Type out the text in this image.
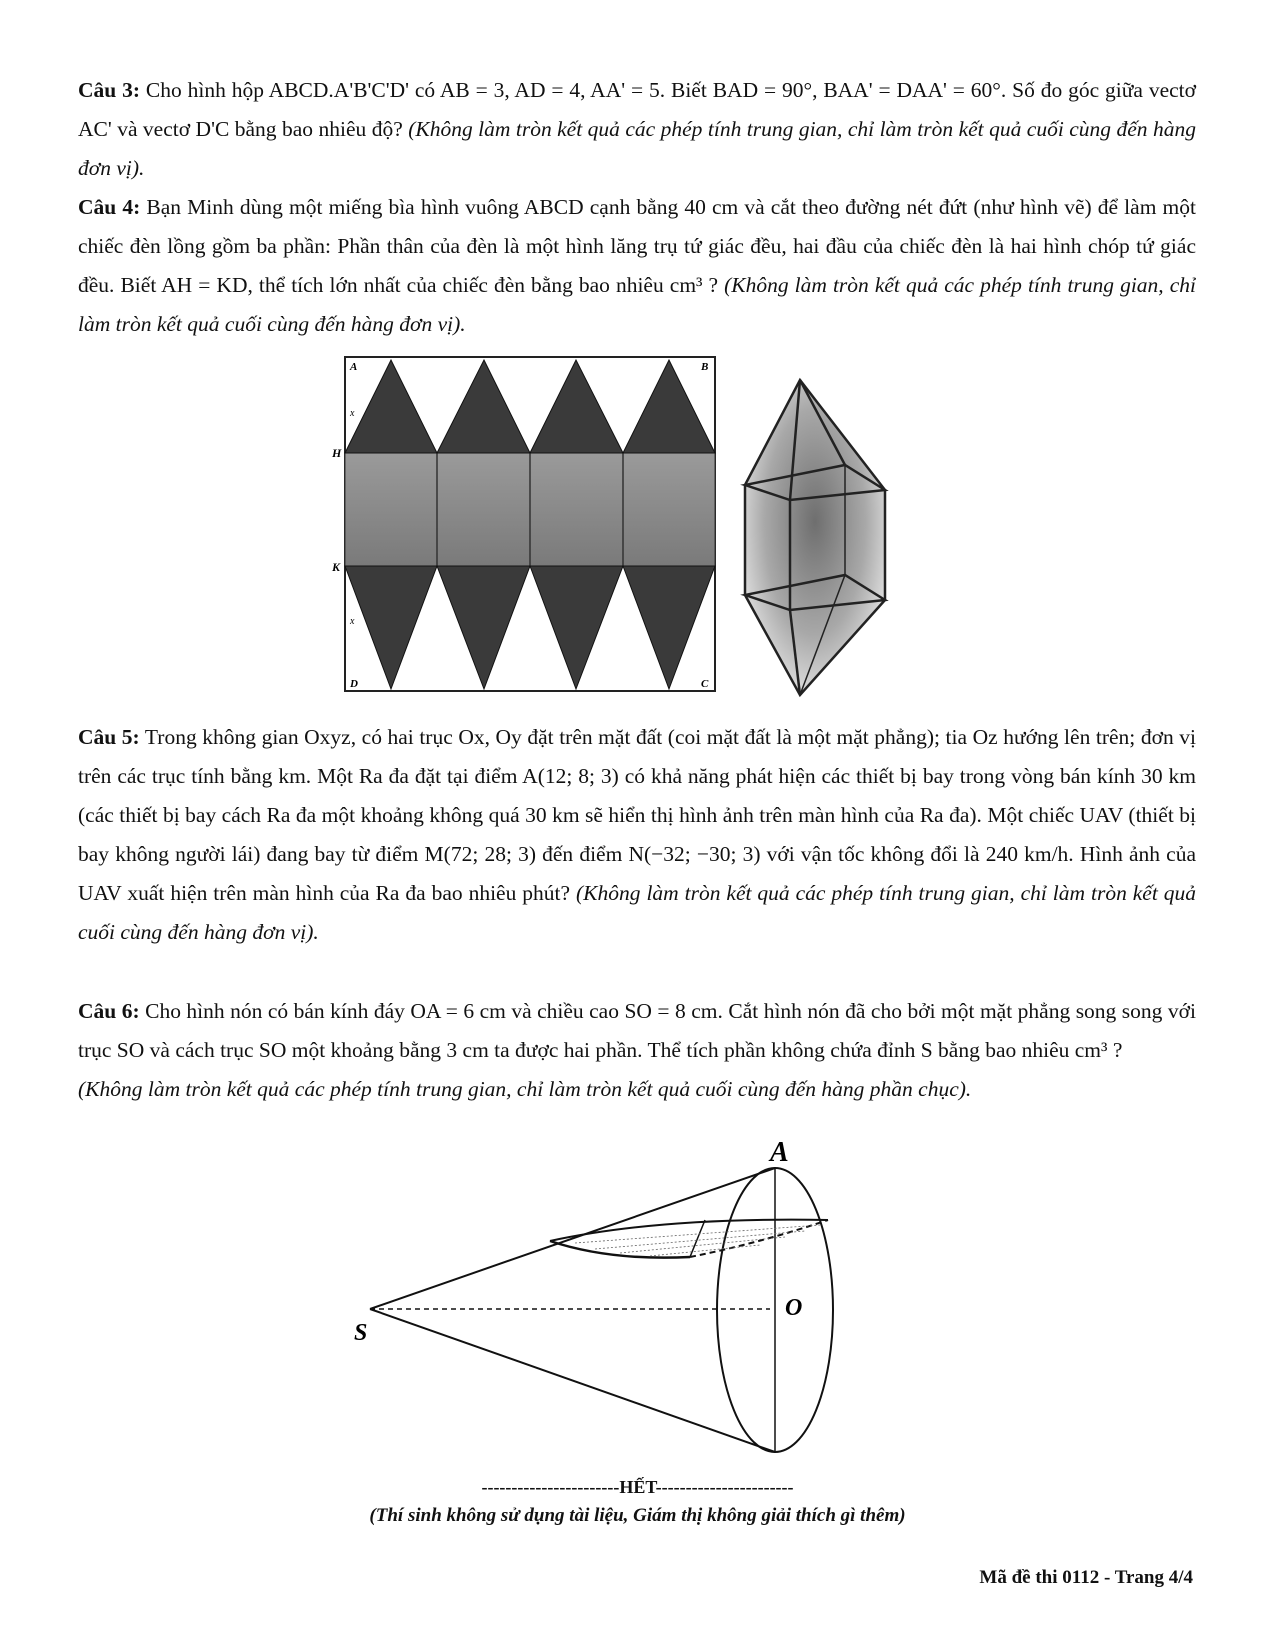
Câu 3: Cho hình hộp ABCD.A'B'C'D' có AB = 3, AD = 4, AA' = 5. Biết BAD = 90°, BAA' = DAA' = 60°. Số đo góc giữa vectơ AC' và vectơ D'C bằng bao nhiêu độ? (Không làm tròn kết quả các phép tính trung gian, chỉ làm tròn kết quả cuối cùng đến hàng đơn vị).
Câu 4: Bạn Minh dùng một miếng bìa hình vuông ABCD cạnh bằng 40 cm và cắt theo đường nét đứt (như hình vẽ) để làm một chiếc đèn lồng gồm ba phần: Phần thân của đèn là một hình lăng trụ tứ giác đều, hai đầu của chiếc đèn là hai hình chóp tứ giác đều. Biết AH = KD, thể tích lớn nhất của chiếc đèn bằng bao nhiêu cm³ ? (Không làm tròn kết quả các phép tính trung gian, chỉ làm tròn kết quả cuối cùng đến hàng đơn vị).
A	B
H
K
D	C
x
x
Câu 5: Trong không gian Oxyz, có hai trục Ox, Oy đặt trên mặt đất (coi mặt đất là một mặt phẳng); tia Oz hướng lên trên; đơn vị trên các trục tính bằng km. Một Ra đa đặt tại điểm A(12; 8; 3) có khả năng phát hiện các thiết bị bay trong vòng bán kính 30 km (các thiết bị bay cách Ra đa một khoảng không quá 30 km sẽ hiển thị hình ảnh trên màn hình của Ra đa). Một chiếc UAV (thiết bị bay không người lái) đang bay từ điểm M(72; 28; 3) đến điểm N(−32; −30; 3) với vận tốc không đổi là 240 km/h. Hình ảnh của UAV xuất hiện trên màn hình của Ra đa bao nhiêu phút? (Không làm tròn kết quả các phép tính trung gian, chỉ làm tròn kết quả cuối cùng đến hàng đơn vị).
Câu 6: Cho hình nón có bán kính đáy OA = 6 cm và chiều cao SO = 8 cm. Cắt hình nón đã cho bởi một mặt phẳng song song với trục SO và cách trục SO một khoảng bằng 3 cm ta được hai phần. Thể tích phần không chứa đỉnh S bằng bao nhiêu cm³ ?
(Không làm tròn kết quả các phép tính trung gian, chỉ làm tròn kết quả cuối cùng đến hàng phần chục).
A
O
S
-----------------------HẾT-----------------------
(Thí sinh không sử dụng tài liệu, Giám thị không giải thích gì thêm)
Mã đề thi 0112 - Trang 4/4
